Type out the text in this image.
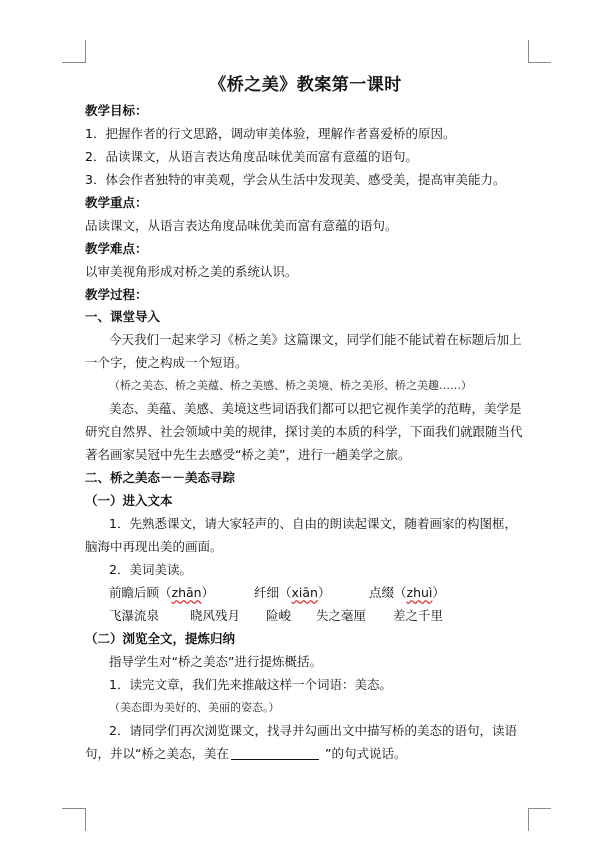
《桥之美》教案第一课时
教学目标：
1．把握作者的行文思路，调动审美体验，理解作者喜爱桥的原因。
2．品读课文，从语言表达角度品味优美而富有意蕴的语句。
3．体会作者独特的审美观，学会从生活中发现美、感受美，提高审美能力。
教学重点：
品读课文，从语言表达角度品味优美而富有意蕴的语句。
教学难点：
以审美视角形成对桥之美的系统认识。
教学过程：
一、课堂导入
今天我们一起来学习《桥之美》这篇课文，同学们能不能试着在标题后加上
一个字，使之构成一个短语。
（桥之美态、桥之美蕴、桥之美感、桥之美境、桥之美形、桥之美趣……）
美态、美蕴、美感、美境这些词语我们都可以把它视作美学的范畴，美学是
研究自然界、社会领域中美的规律，探讨美的本质的科学，下面我们就跟随当代
著名画家吴冠中先生去感受“桥之美”，进行一趟美学之旅。
二、桥之美态－－美态寻踪
（一）进入文本
1．先熟悉课文，请大家轻声的、自由的朗读起课文，随着画家的构图框，
脑海中再现出美的画面。
2．美词美读。
前瞻后顾（zhān）	纤细（xiān）	点缀（zhuì）
飞瀑流泉 晓风残月 险峻 失之毫厘 差之千里
（二）浏览全文，提炼归纳
指导学生对“桥之美态”进行提炼概括。
1．读完文章，我们先来推敲这样一个词语：美态。
（美态即为美好的、美丽的姿态。）
2．请同学们再次浏览课文，找寻并勾画出文中描写桥的美态的语句，读语
句，并以“桥之美态，美在	”的句式说话。
